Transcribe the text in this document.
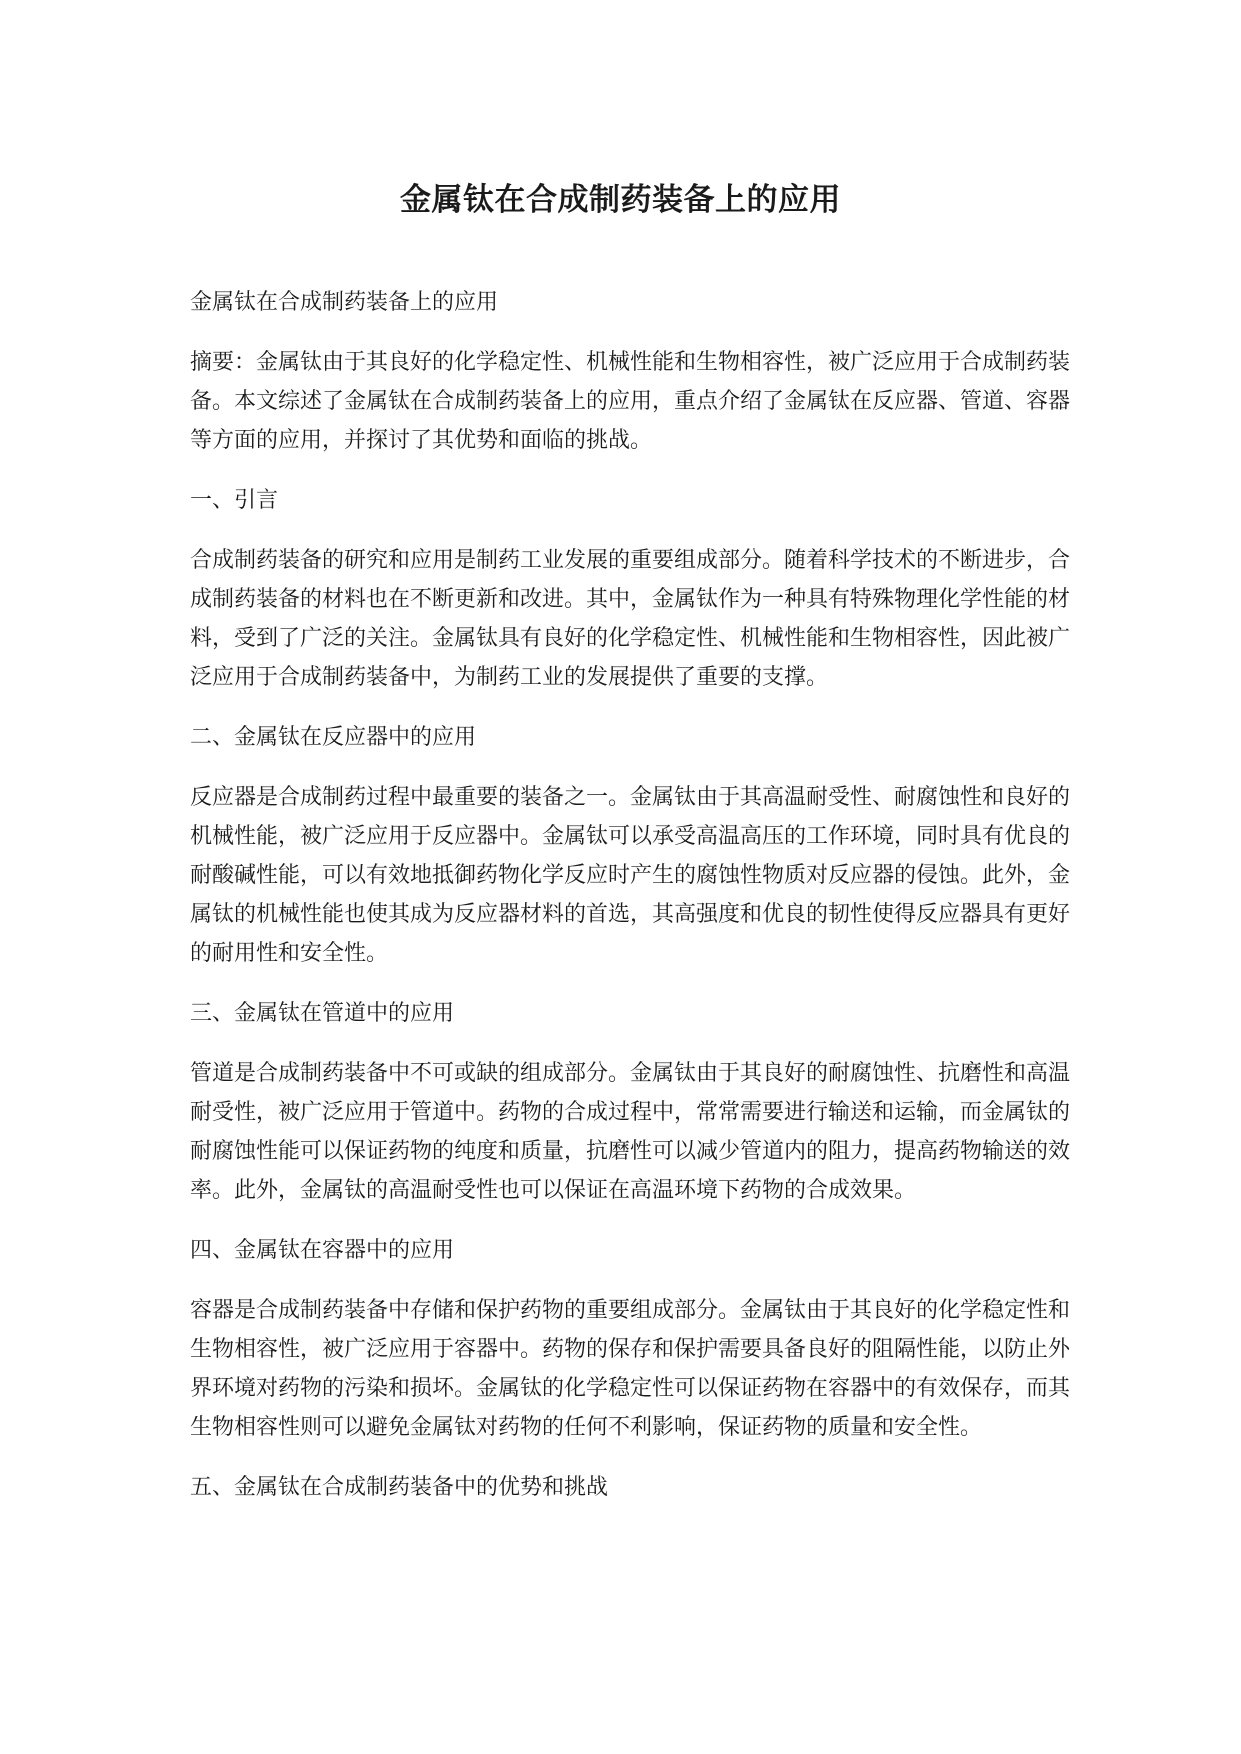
金属钛在合成制药装备上的应用

金属钛在合成制药装备上的应用

摘要：金属钛由于其良好的化学稳定性、机械性能和生物相容性，被广泛应用于合成制药装备。本文综述了金属钛在合成制药装备上的应用，重点介绍了金属钛在反应器、管道、容器等方面的应用，并探讨了其优势和面临的挑战。

一、引言

合成制药装备的研究和应用是制药工业发展的重要组成部分。随着科学技术的不断进步，合成制药装备的材料也在不断更新和改进。其中，金属钛作为一种具有特殊物理化学性能的材料，受到了广泛的关注。金属钛具有良好的化学稳定性、机械性能和生物相容性，因此被广泛应用于合成制药装备中，为制药工业的发展提供了重要的支撑。

二、金属钛在反应器中的应用

反应器是合成制药过程中最重要的装备之一。金属钛由于其高温耐受性、耐腐蚀性和良好的机械性能，被广泛应用于反应器中。金属钛可以承受高温高压的工作环境，同时具有优良的耐酸碱性能，可以有效地抵御药物化学反应时产生的腐蚀性物质对反应器的侵蚀。此外，金属钛的机械性能也使其成为反应器材料的首选，其高强度和优良的韧性使得反应器具有更好的耐用性和安全性。

三、金属钛在管道中的应用

管道是合成制药装备中不可或缺的组成部分。金属钛由于其良好的耐腐蚀性、抗磨性和高温耐受性，被广泛应用于管道中。药物的合成过程中，常常需要进行输送和运输，而金属钛的耐腐蚀性能可以保证药物的纯度和质量，抗磨性可以减少管道内的阻力，提高药物输送的效率。此外，金属钛的高温耐受性也可以保证在高温环境下药物的合成效果。

四、金属钛在容器中的应用

容器是合成制药装备中存储和保护药物的重要组成部分。金属钛由于其良好的化学稳定性和生物相容性，被广泛应用于容器中。药物的保存和保护需要具备良好的阻隔性能，以防止外界环境对药物的污染和损坏。金属钛的化学稳定性可以保证药物在容器中的有效保存，而其生物相容性则可以避免金属钛对药物的任何不利影响，保证药物的质量和安全性。

五、金属钛在合成制药装备中的优势和挑战
